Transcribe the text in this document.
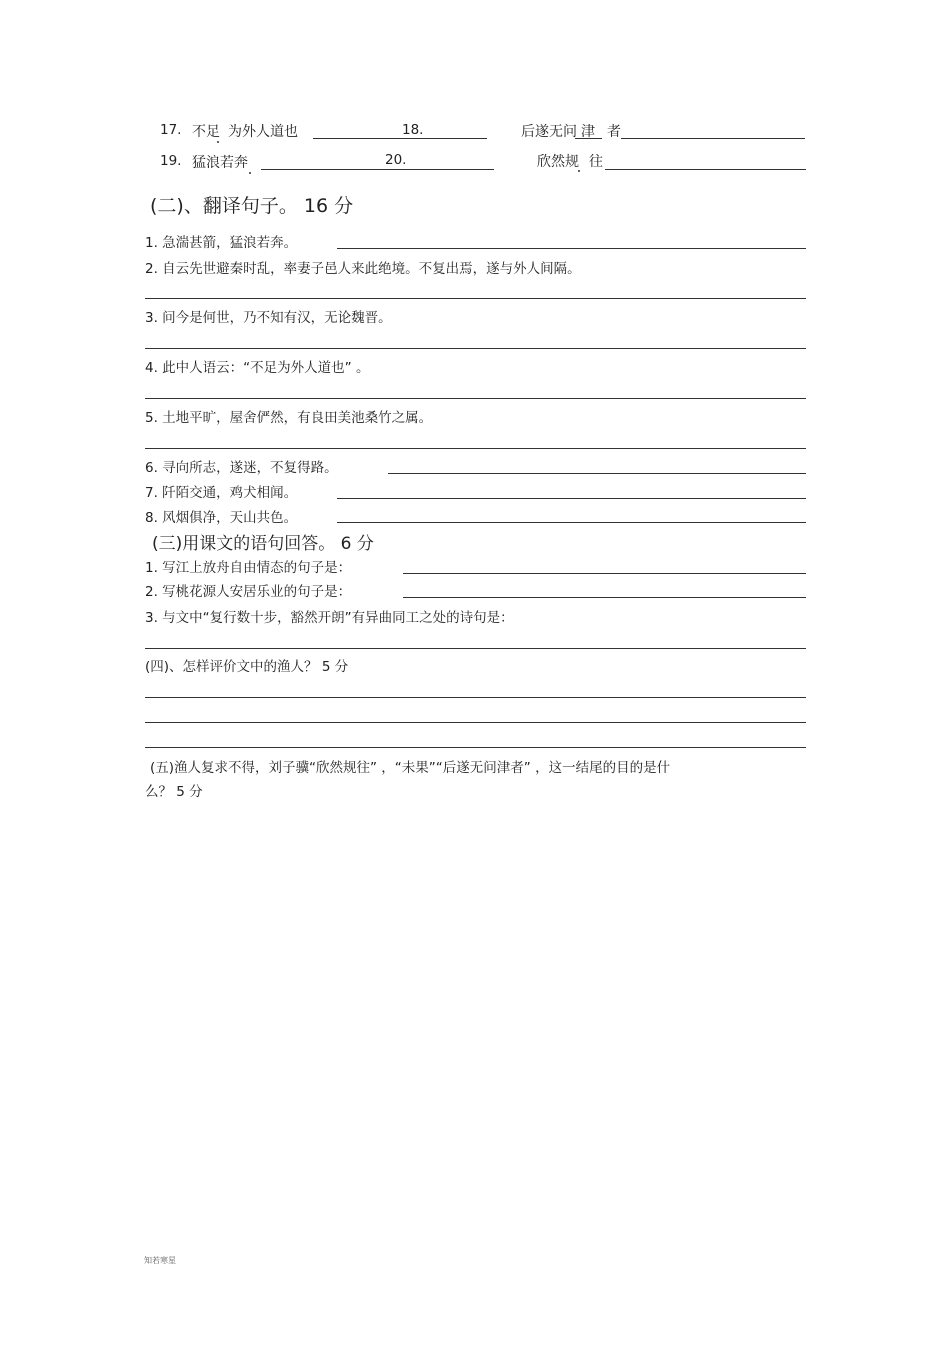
17. 不足 为外人道也	18.	后遂无问 津 者
19. 猛浪若奔	20.	欣然规 往
(二)、翻译句子。 16 分
1. 急湍甚箭，猛浪若奔。
2. 自云先世避秦时乱，率妻子邑人来此绝境。不复出焉，遂与外人间隔。
3. 问今是何世，乃不知有汉，无论魏晋。
4. 此中人语云：“不足为外人道也” 。
5. 土地平旷，屋舍俨然，有良田美池桑竹之属。
6. 寻向所志，遂迷，不复得路。
7. 阡陌交通，鸡犬相闻。
8. 风烟俱净，天山共色。
(三)用课文的语句回答。 6 分
1. 写江上放舟自由情态的句子是：
2. 写桃花源人安居乐业的句子是：
3. 与文中“复行数十步，豁然开朗”有异曲同工之处的诗句是：
(四)、怎样评价文中的渔人？ 5 分
(五)渔人复求不得，刘子骥“欣然规往” ，“未果”“后遂无问津者” ，这一结尾的目的是什
么？ 5 分
知若寒星
